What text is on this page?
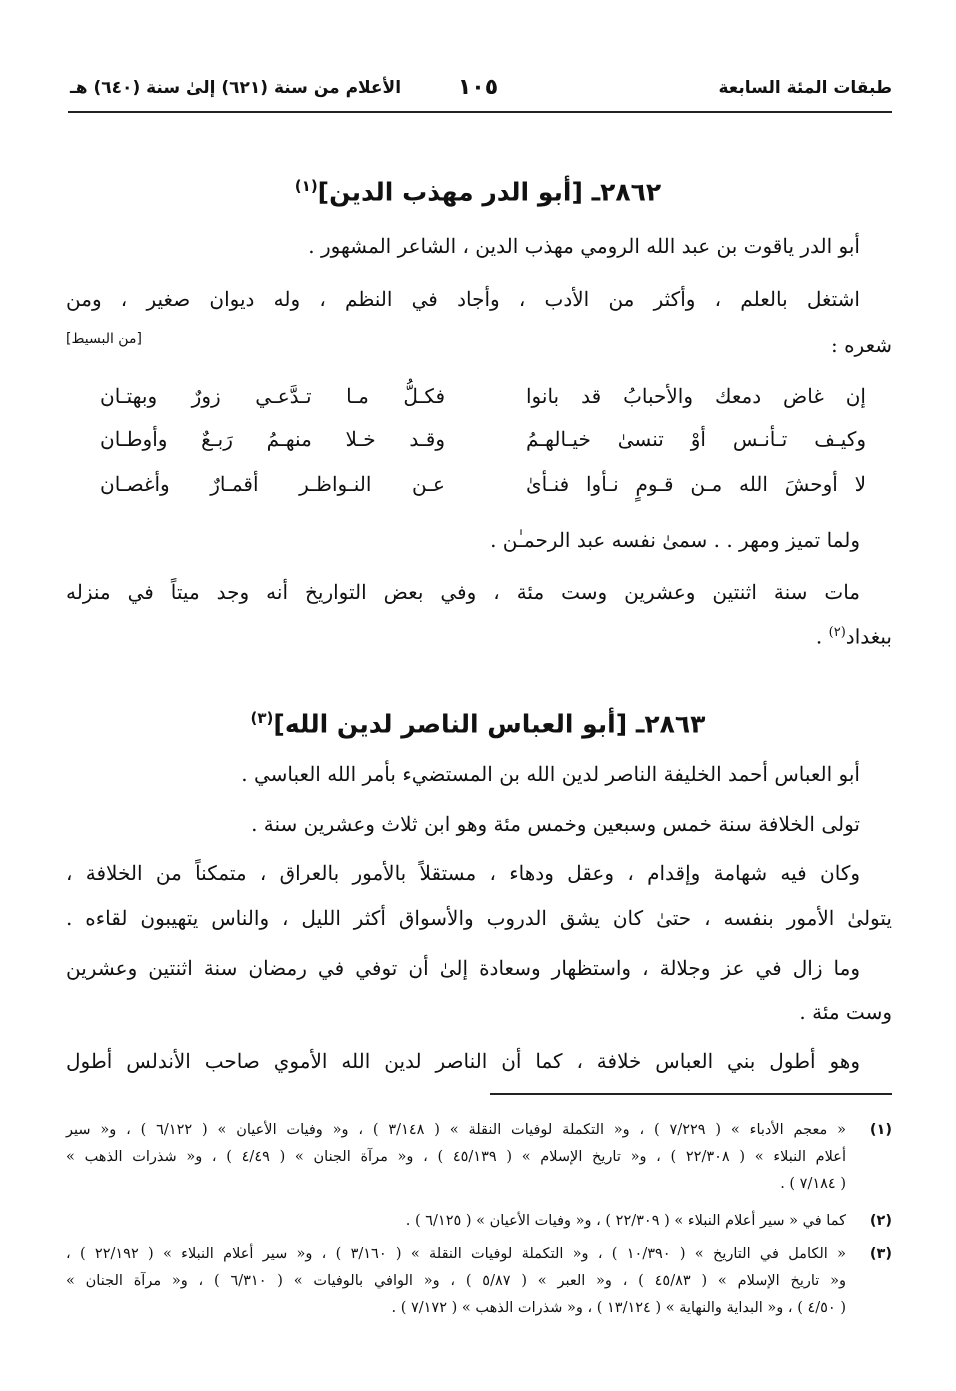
طبقات المئة السابعة
١٠٥
الأعلام من سنة (٦٢١) إلىٰ سنة (٦٤٠) هـ
٢٨٦٢ـ [أبو الدر مهذب الدين]$^{(١)}$
أبو الدر ياقوت بن عبد الله الرومي مهذب الدين ، الشاعر المشهور .
اشتغل بالعلم ، وأكثر من الأدب ، وأجاد في النظم ، وله ديوان صغير ، ومن
شعره :
[من البسيط]
إن غاض دمعك والأحبابُ قد بانوا
فكـلُّ مـا تـدَّعـي زورٌ وبهتـان
وكيـف تـأنـس أوْ تنسىٰ خيـالهـمُ
وقـد خـلا منهـمُ رَبـعٌ وأوطـان
لا أوحشَ الله مـن قـومٍ نـأوا فنـأىٰ
عـن النـواظـر أقمـارٌ وأغصـان
ولما تميز ومهر . . سمىٰ نفسه عبد الرحمـٰن .
مات سنة اثنتين وعشرين وست مئة ، وفي بعض التواريخ أنه وجد ميتاً في منزله
ببغداد$^{(٢)}$ .
٢٨٦٣ـ [أبو العباس الناصر لدين الله]$^{(٣)}$
أبو العباس أحمد الخليفة الناصر لدين الله بن المستضيء بأمر الله العباسي .
تولى الخلافة سنة خمس وسبعين وخمس مئة وهو ابن ثلاث وعشرين سنة .
وكان فيه شهامة وإقدام ، وعقل ودهاء ، مستقلاً بالأمور بالعراق ، متمكناً من الخلافة ،
يتولىٰ الأمور بنفسه ، حتىٰ كان يشق الدروب والأسواق أكثر الليل ، والناس يتهيبون لقاءه .
وما زال في عز وجلالة ، واستظهار وسعادة إلىٰ أن توفي في رمضان سنة اثنتين وعشرين
وست مئة .
وهو أطول بني العباس خلافة ، كما أن الناصر لدين الله الأموي صاحب الأندلس أطول
(١)
« معجم الأدباء » ( ٧/٢٢٩ ) ، و« التكملة لوفيات النقلة » ( ٣/١٤٨ ) ، و« وفيات الأعيان » ( ٦/١٢٢ ) ، و« سير
أعلام النبلاء » ( ٢٢/٣٠٨ ) ، و« تاريخ الإسلام » ( ٤٥/١٣٩ ) ، و« مرآة الجنان » ( ٤/٤٩ ) ، و« شذرات الذهب »
( ٧/١٨٤ ) .
(٢)
كما في « سير أعلام النبلاء » ( ٢٢/٣٠٩ ) ، و« وفيات الأعيان » ( ٦/١٢٥ ) .
(٣)
« الكامل في التاريخ » ( ١٠/٣٩٠ ) ، و« التكملة لوفيات النقلة » ( ٣/١٦٠ ) ، و« سير أعلام النبلاء » ( ٢٢/١٩٢ ) ،
و« تاريخ الإسلام » ( ٤٥/٨٣ ) ، و« العبر » ( ٥/٨٧ ) ، و« الوافي بالوفيات » ( ٦/٣١٠ ) ، و« مرآة الجنان »
( ٤/٥٠ ) ، و« البداية والنهاية » ( ١٣/١٢٤ ) ، و« شذرات الذهب » ( ٧/١٧٢ ) .
